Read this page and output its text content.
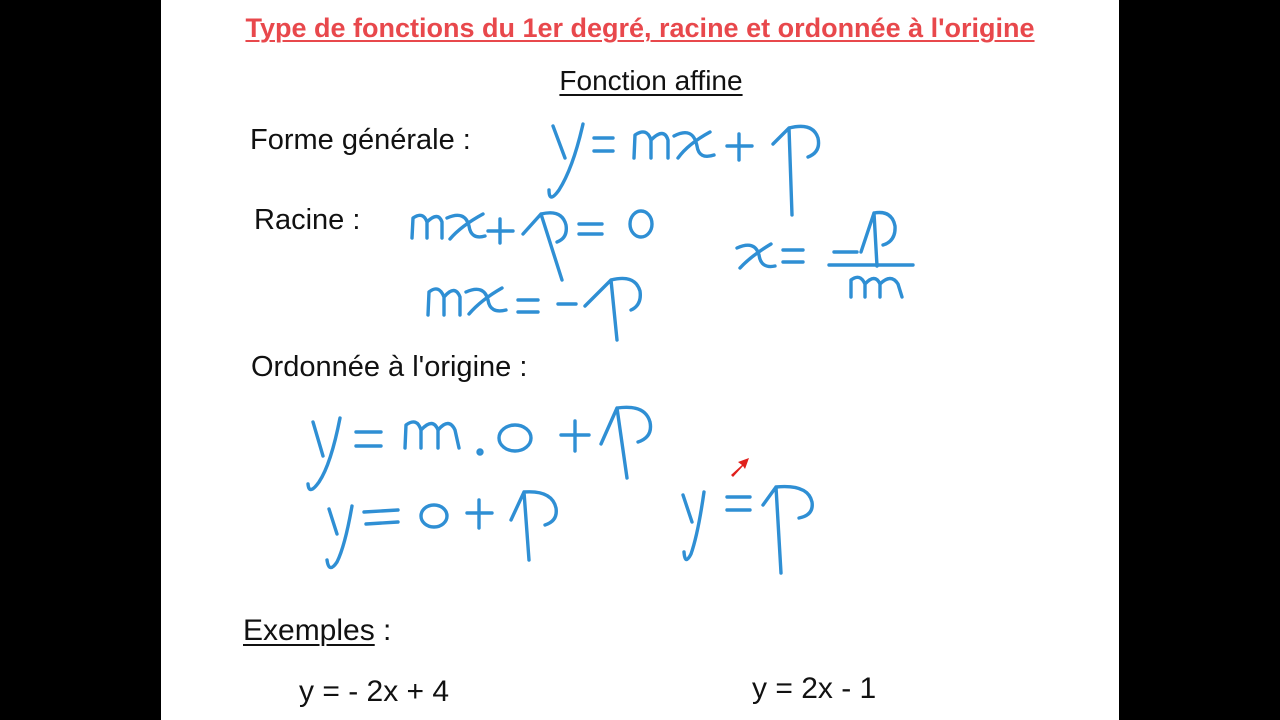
Type de fonctions du 1er degré, racine et ordonnée à l'origine
Fonction affine
Forme générale :
Racine :
Ordonnée à l'origine :
Exemples :
y = - 2x + 4	y = 2x - 1
